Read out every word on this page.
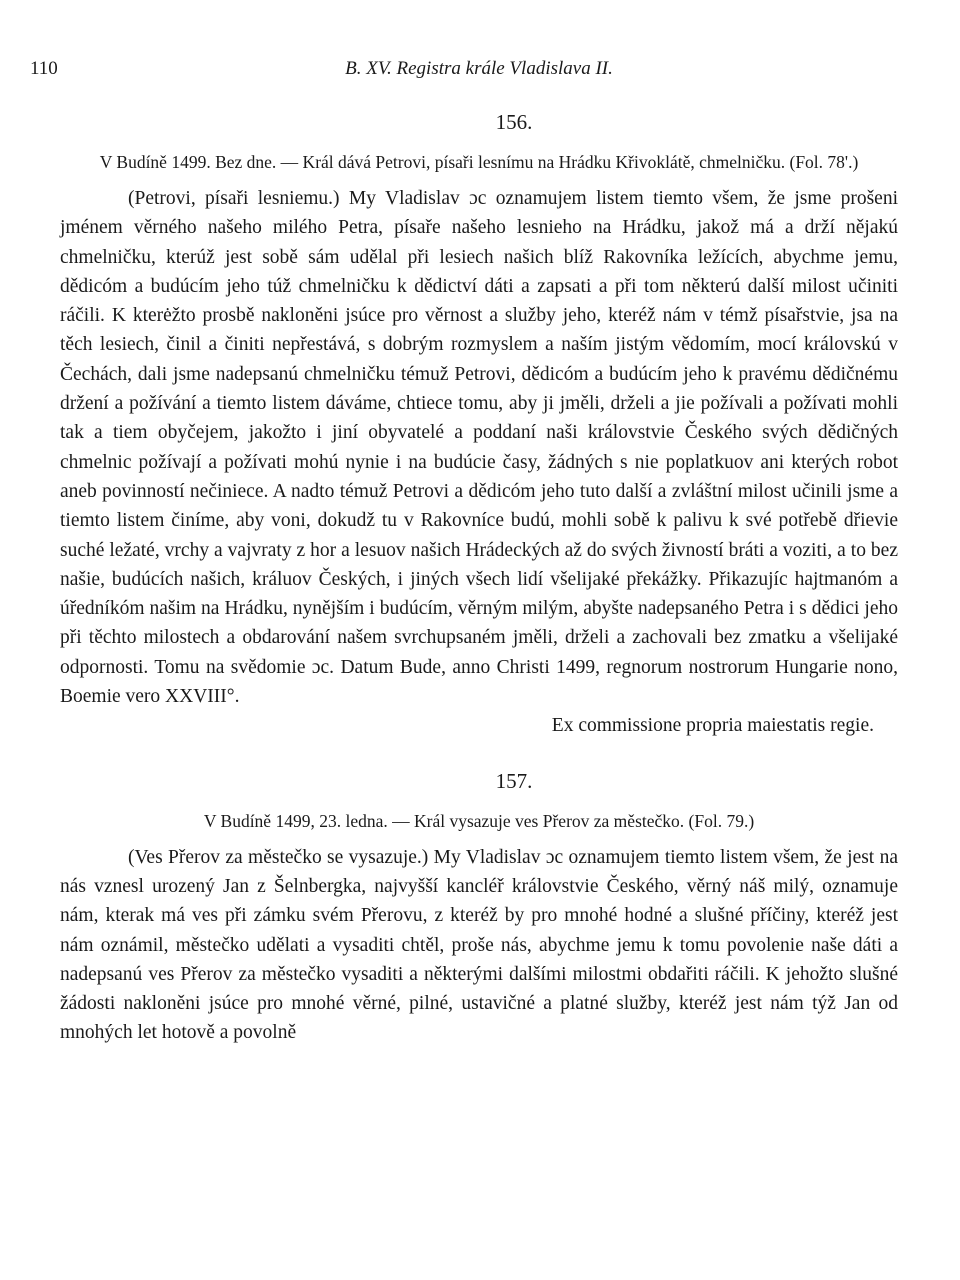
110	B. XV. Registra krále Vladislava II.
156.
V Budíně 1499. Bez dne. — Král dává Petrovi, písaři lesnímu na Hrádku Křivoklátě, chmelničku. (Fol. 78'.)

(Petrovi, písaři lesniemu.) My Vladislav ɔc oznamujem listem tiemto všem, že jsme prošeni jménem věrného našeho milého Petra, písaře našeho lesnieho na Hrádku, jakož má a drží nějakú chmelničku, kterúž jest sobě sám udělal při lesiech našich blíž Rakovníka ležících, abychme jemu, dědicóm a budúcím jeho túž chmelničku k dědictví dáti a zapsati a při tom některú další milost učiniti ráčili. K kterėžto prosbě nakloněni jsúce pro věrnost a služby jeho, kteréž nám v témž písařstvie, jsa na těch lesiech, činil a činiti nepřestává, s dobrým rozmyslem a naším jistým vědomím, mocí královskú v Čechách, dali jsme nadepsanú chmelničku témuž Petrovi, dědicóm a budúcím jeho k pravému dědičnému držení a požívání a tiemto listem dáváme, chtiece tomu, aby ji jměli, drželi a jie požívali a požívati mohli tak a tiem obyčejem, jakožto i jiní obyvatelé a poddaní naši královstvie Českého svých dědičných chmelnic požívají a požívati mohú nynie i na budúcie časy, žádných s nie poplatkuov ani kterých robot aneb povinností nečiniece. A nadto témuž Petrovi a dědicóm jeho tuto další a zvláštní milost učinili jsme a tiemto listem činíme, aby voni, dokudž tu v Rakovníce budú, mohli sobě k palivu k své potřebě dřievie suché ležaté, vrchy a vajvraty z hor a lesuov našich Hrádeckých až do svých živností bráti a voziti, a to bez našie, budúcích našich, králuov Českých, i jiných všech lidí všelijaké překážky. Přikazujíc hajtmanóm a úředníkóm našim na Hrádku, nynějším i budúcím, věrným milým, abyšte nadepsaného Petra i s dědici jeho při těchto milostech a obdarování našem svrchupsaném jměli, drželi a zachovali bez zmatku a všelijaké odpornosti. Tomu na svědomie ɔc. Datum Bude, anno Christi 1499, regnorum nostrorum Hungarie nono, Boemie vero XXVIII°.

Ex commissione propria maiestatis regie.
157.
V Budíně 1499, 23. ledna. — Král vysazuje ves Přerov za městečko. (Fol. 79.)

(Ves Přerov za městečko se vysazuje.) My Vladislav ɔc oznamujem tiemto listem všem, že jest na nás vznesl urozený Jan z Šelnbergka, najvyšší kancléř královstvie Českého, věrný náš milý, oznamuje nám, kterak má ves při zámku svém Přerovu, z kteréž by pro mnohé hodné a slušné příčiny, kteréž jest nám oznámil, městečko udělati a vysaditi chtěl, proše nás, abychme jemu k tomu povolenie naše dáti a nadepsanú ves Přerov za městečko vysaditi a některými dalšími milostmi obdařiti ráčili. K jehožto slušné žádosti nakloněni jsúce pro mnohé věrné, pilné, ustavičné a platné služby, kteréž jest nám týž Jan od mnohých let hotově a povolně
